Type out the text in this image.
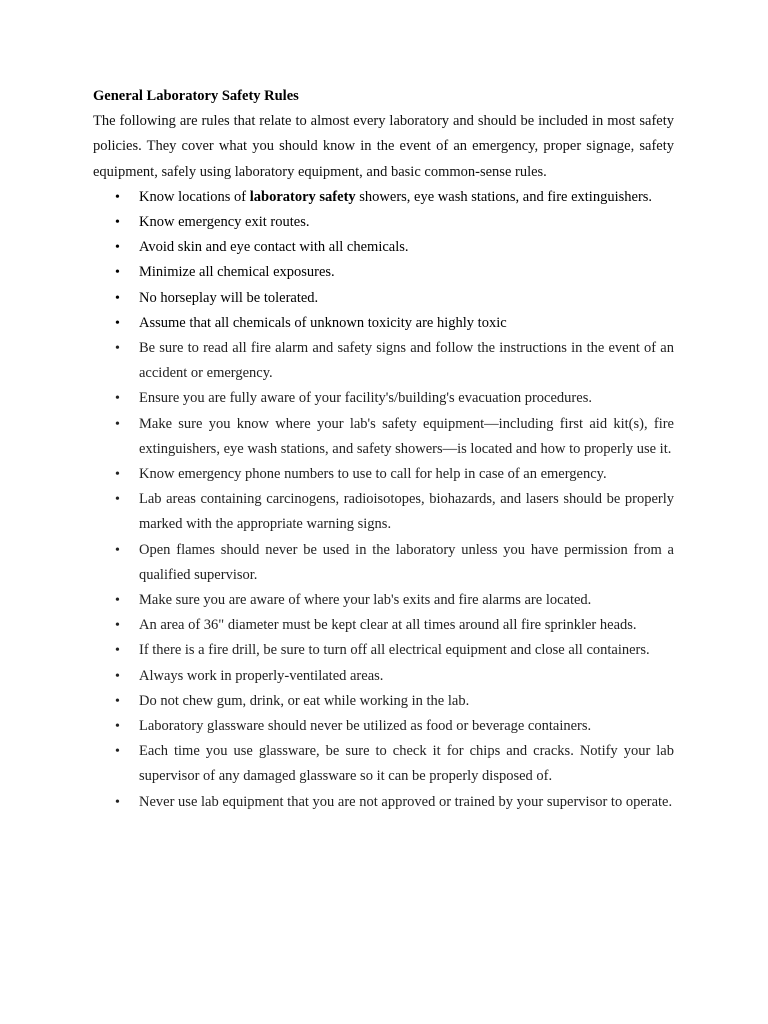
General Laboratory Safety Rules

The following are rules that relate to almost every laboratory and should be included in most safety policies. They cover what you should know in the event of an emergency, proper signage, safety equipment, safely using laboratory equipment, and basic common-sense rules.

• Know locations of laboratory safety showers, eye wash stations, and fire extinguishers.
• Know emergency exit routes.
• Avoid skin and eye contact with all chemicals.
• Minimize all chemical exposures.
• No horseplay will be tolerated.
• Assume that all chemicals of unknown toxicity are highly toxic
• Be sure to read all fire alarm and safety signs and follow the instructions in the event of an accident or emergency.
• Ensure you are fully aware of your facility's/building's evacuation procedures.
• Make sure you know where your lab's safety equipment—including first aid kit(s), fire extinguishers, eye wash stations, and safety showers—is located and how to properly use it.
• Know emergency phone numbers to use to call for help in case of an emergency.
• Lab areas containing carcinogens, radioisotopes, biohazards, and lasers should be properly marked with the appropriate warning signs.
• Open flames should never be used in the laboratory unless you have permission from a qualified supervisor.
• Make sure you are aware of where your lab's exits and fire alarms are located.
• An area of 36" diameter must be kept clear at all times around all fire sprinkler heads.
• If there is a fire drill, be sure to turn off all electrical equipment and close all containers.
• Always work in properly-ventilated areas.
• Do not chew gum, drink, or eat while working in the lab.
• Laboratory glassware should never be utilized as food or beverage containers.
• Each time you use glassware, be sure to check it for chips and cracks. Notify your lab supervisor of any damaged glassware so it can be properly disposed of.
• Never use lab equipment that you are not approved or trained by your supervisor to operate.
